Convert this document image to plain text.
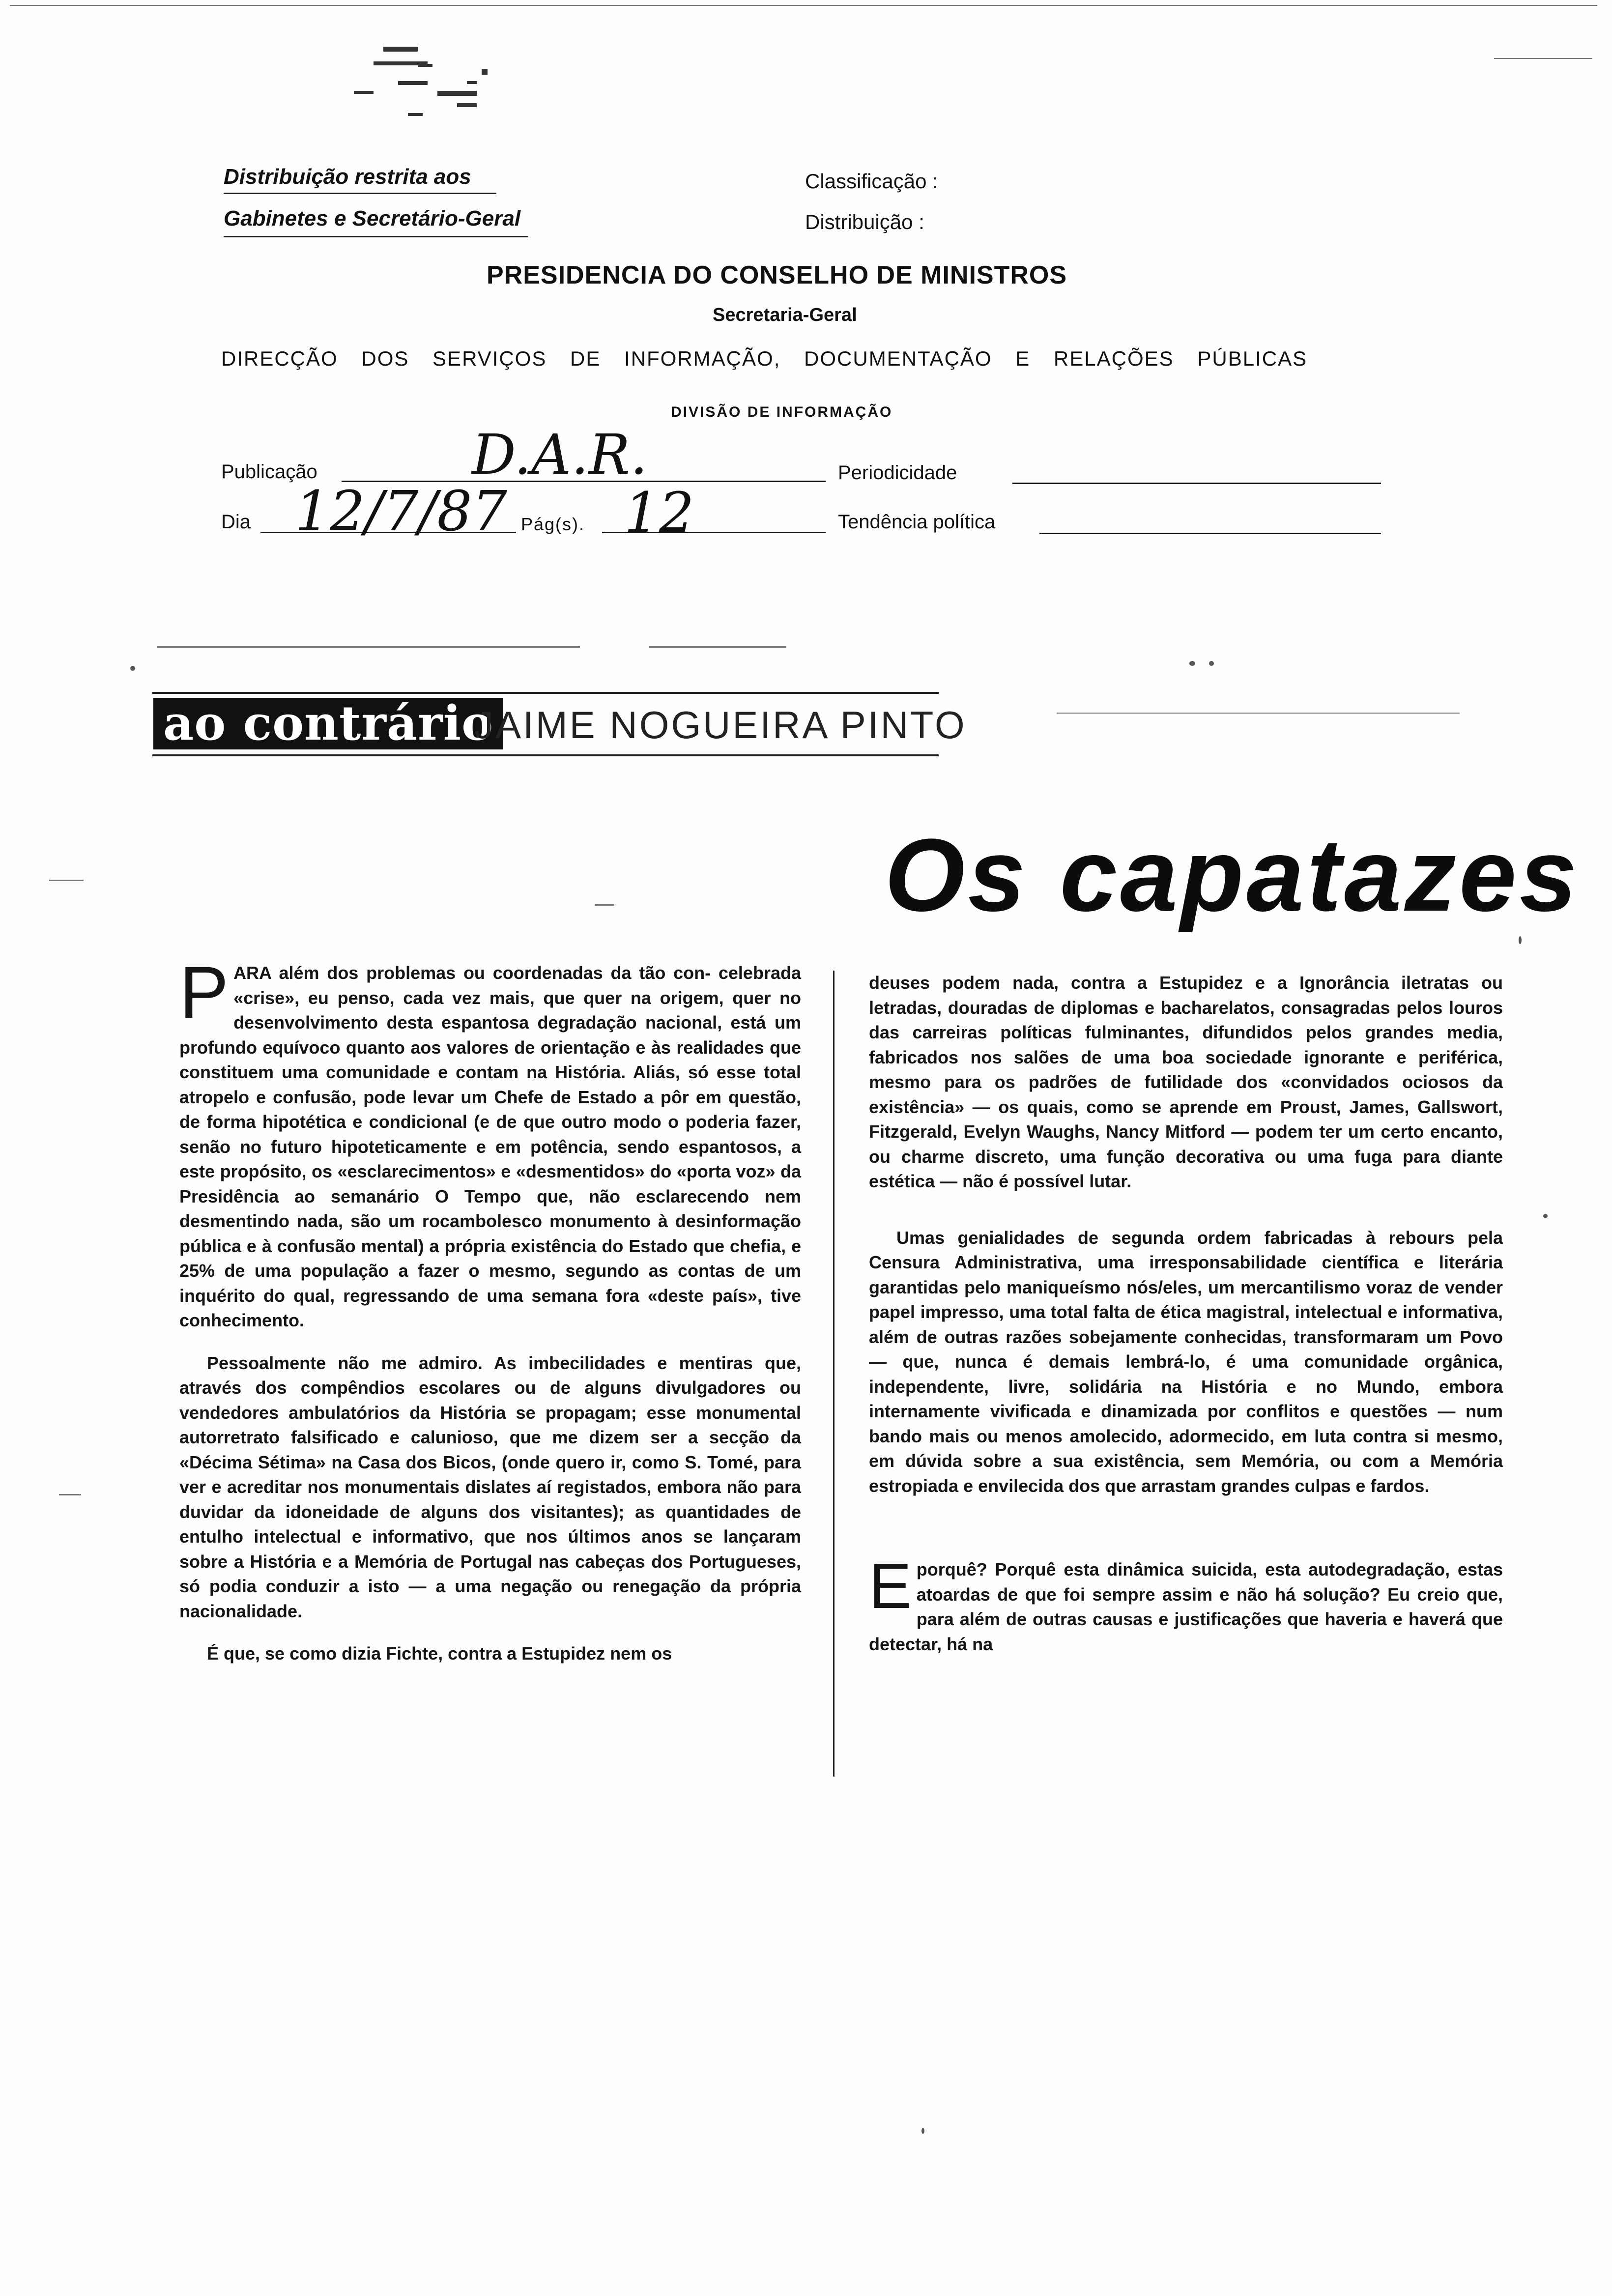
Distribuição restrita aos
Gabinetes e Secretário-Geral
Classificação :
Distribuição :
PRESIDENCIA DO CONSELHO DE MINISTROS
Secretaria-Geral
DIRECÇÃO DOS SERVIÇOS DE INFORMAÇÃO, DOCUMENTAÇÃO E RELAÇÕES PÚBLICAS
DIVISÃO DE INFORMAÇÃO
Publicação	D.A.R.	Periodicidade
Dia 12/7/87 Pág(s). 12	Tendência política
ao contrário
JAIME NOGUEIRA PINTO
Os capatazes

P ARA além dos problemas ou coordenadas da tão con- celebrada «crise», eu penso, cada vez mais, que quer na origem, quer no desenvolvimento desta espantosa degradação nacional, está um profundo equívoco quanto aos valores de orientação e às realidades que constituem uma comunidade e contam na História. Aliás, só esse total atropelo e confusão, pode levar um Chefe de Estado a pôr em questão, de forma hipotética e condicional (e de que outro modo o poderia fazer, senão no futuro hipoteticamente e em potência, sendo espantosos, a este propósito, os «esclarecimentos» e «desmentidos» do «porta voz» da Presidência ao semanário O Tempo que, não esclarecendo nem desmentindo nada, são um rocambolesco monumento à desinformação pública e à confusão mental) a própria existência do Estado que chefia, e 25% de uma população a fazer o mesmo, segundo as contas de um inquérito do qual, regressando de uma semana fora «deste país», tive conhecimento.

Pessoalmente não me admiro. As imbecilidades e mentiras que, através dos compêndios escolares ou de alguns divulgadores ou vendedores ambulatórios da História se propagam; esse monumental autorretrato falsificado e calunioso, que me dizem ser a secção da «Décima Sétima» na Casa dos Bicos, (onde quero ir, como S. Tomé, para ver e acreditar nos monumentais dislates aí registados, embora não para duvidar da idoneidade de alguns dos visitantes); as quantidades de entulho intelectual e informativo, que nos últimos anos se lançaram sobre a História e a Memória de Portugal nas cabeças dos Portugueses, só podia conduzir a isto — a uma negação ou renegação da própria nacionalidade.

É que, se como dizia Fichte, contra a Estupidez nem os

deuses podem nada, contra a Estupidez e a Ignorância iletratas ou letradas, douradas de diplomas e bacharelatos, consagradas pelos louros das carreiras políticas fulminantes, difundidos pelos grandes media, fabricados nos salões de uma boa sociedade ignorante e periférica, mesmo para os padrões de futilidade dos «convidados ociosos da existência» — os quais, como se aprende em Proust, James, Gallswort, Fitzgerald, Evelyn Waughs, Nancy Mitford — podem ter um certo encanto, ou charme discreto, uma função decorativa ou uma fuga para diante estética — não é possível lutar.

Umas genialidades de segunda ordem fabricadas à rebours pela Censura Administrativa, uma irresponsabilidade científica e literária garantidas pelo maniqueísmo nós/eles, um mercantilismo voraz de vender papel impresso, uma total falta de ética magistral, intelectual e informativa, além de outras razões sobejamente conhecidas, transformaram um Povo — que, nunca é demais lembrá-lo, é uma comunidade orgânica, independente, livre, solidária na História e no Mundo, embora internamente vivificada e dinamizada por conflitos e questões — num bando mais ou menos amolecido, adormecido, em luta contra si mesmo, em dúvida sobre a sua existência, sem Memória, ou com a Memória estropiada e envilecida dos que arrastam grandes culpas e fardos.

E porquê? Porquê esta dinâmica suicida, esta autodegradação, estas atoardas de que foi sempre assim e não há solução? Eu creio que, para além de outras causas e justificações que haveria e haverá que detectar, há na
